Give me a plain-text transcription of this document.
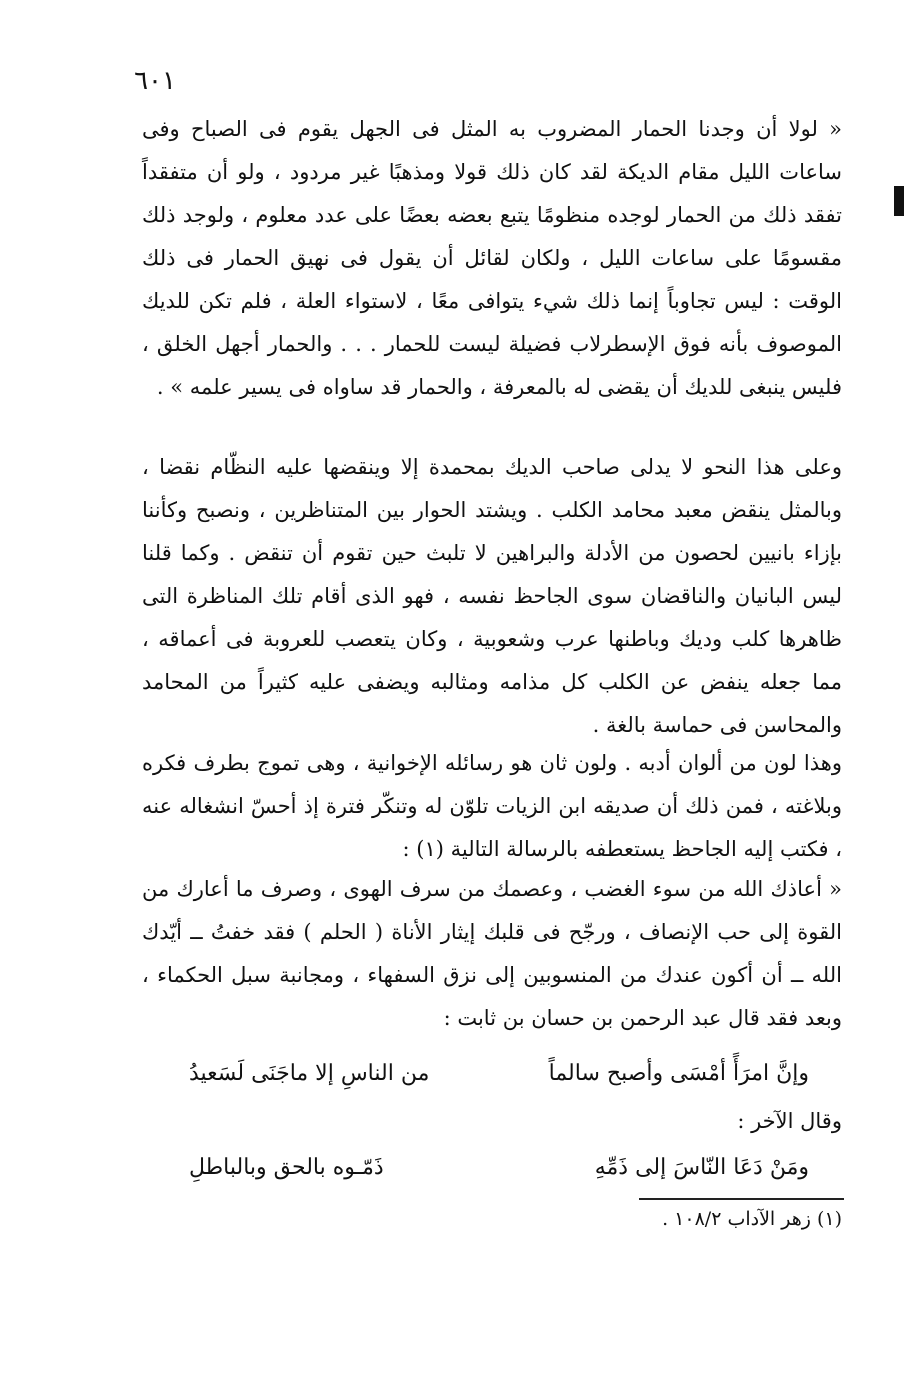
٦٠١

« لولا أن وجدنا الحمار المضروب به المثل فى الجهل يقوم فى الصباح وفى ساعات الليل مقام الديكة لقد كان ذلك قولا ومذهبًا غير مردود ، ولو أن متفقداً تفقد ذلك من الحمار لوجده منظومًا يتبع بعضه بعضًا على عدد معلوم ، ولوجد ذلك مقسومًا على ساعات الليل ، ولكان لقائل أن يقول فى نهيق الحمار فى ذلك الوقت : ليس تجاوباً إنما ذلك شيء يتوافى معًا ، لاستواء العلة ، فلم تكن للديك الموصوف بأنه فوق الإسطرلاب فضيلة ليست للحمار . . . والحمار أجهل الخلق ، فليس ينبغى للديك أن يقضى له بالمعرفة ، والحمار قد ساواه فى يسير علمه » .

وعلى هذا النحو لا يدلى صاحب الديك بمحمدة إلا وينقضها عليه النظّام نقضا ، وبالمثل ينقض معبد محامد الكلب . ويشتد الحوار بين المتناظرين ، ونصبح وكأننا بإزاء بانيين لحصون من الأدلة والبراهين لا تلبث حين تقوم أن تنقض . وكما قلنا ليس البانيان والناقضان سوى الجاحظ نفسه ، فهو الذى أقام تلك المناظرة التى ظاهرها كلب وديك وباطنها عرب وشعوبية ، وكان يتعصب للعروبة فى أعماقه ، مما جعله ينفض عن الكلب كل مذامه ومثالبه ويضفى عليه كثيراً من المحامد والمحاسن فى حماسة بالغة .

وهذا لون من ألوان أدبه . ولون ثان هو رسائله الإخوانية ، وهى تموج بطرف فكره وبلاغته ، فمن ذلك أن صديقه ابن الزيات تلوّن له وتنكّر فترة إذ أحسّ انشغاله عنه ، فكتب إليه الجاحظ يستعطفه بالرسالة التالية (١) :

« أعاذك الله من سوء الغضب ، وعصمك من سرف الهوى ، وصرف ما أعارك من القوة إلى حب الإنصاف ، ورجّح فى قلبك إيثار الأناة ( الحلم ) فقد خفتُ ــ أيّدك الله ــ أن أكون عندك من المنسوبين إلى نزق السفهاء ، ومجانبة سبل الحكماء ، وبعد فقد قال عبد الرحمن بن حسان بن ثابت :

وإنَّ امرَأً أمْسَى وأصبح سالماً
من الناسِ إلا ماجَنَى لَسَعيدُ

وقال الآخر :

ومَنْ دَعَا النّاسَ إلى ذَمِّهِ
ذَمّـوه بالحق وبالباطلِ
(١) زهر الآداب ١٠٨/٢ .
